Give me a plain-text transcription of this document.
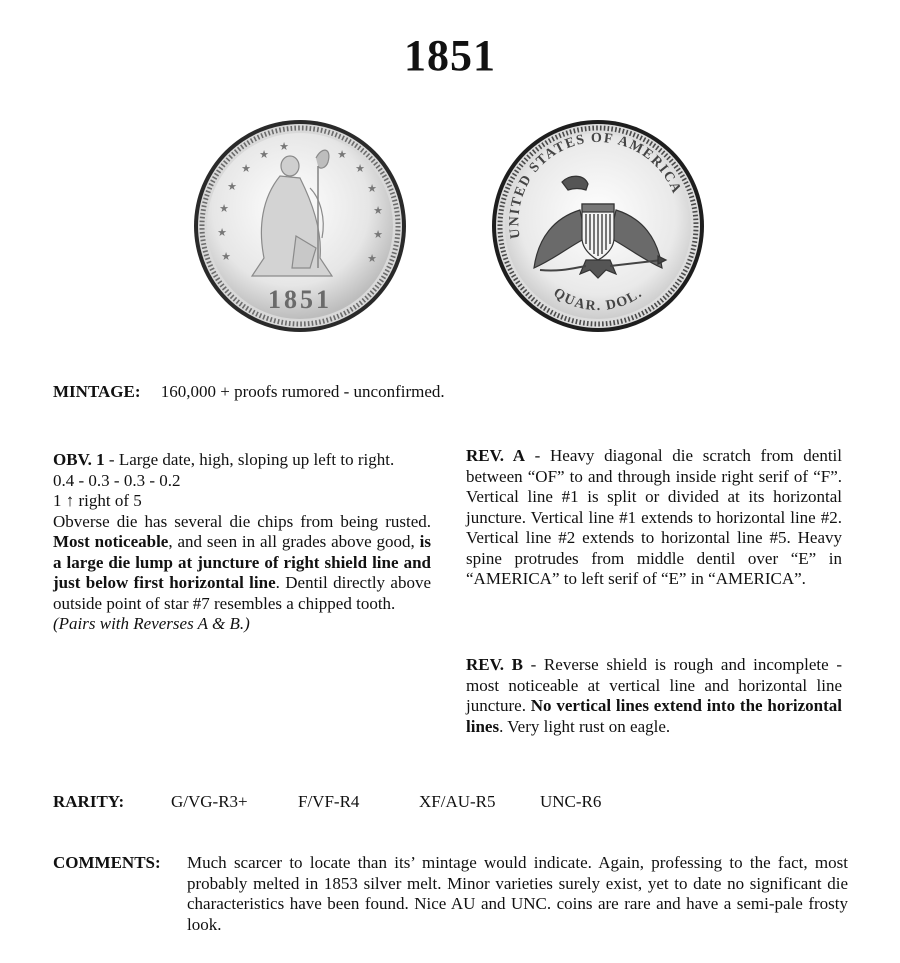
1851
★
★
★
★
★
★
★
★
★
★
★
★
★
1851
UNITED STATES OF AMERICA
QUAR. DOL.
MINTAGE: 160,000 + proofs rumored - unconfirmed.
OBV. 1 - Large date, high, sloping up left to right.
0.4 - 0.3 - 0.3 - 0.2
1 ↑ right of 5
Obverse die has several die chips from being rusted. Most noticeable, and seen in all grades above good, is a large die lump at juncture of right shield line and just below first horizontal line. Dentil directly above outside point of star #7 resembles a chipped tooth.
(Pairs with Reverses A & B.)
REV. A - Heavy diagonal die scratch from dentil between “OF” to and through inside right serif of “F”. Vertical line #1 is split or divided at its horizontal juncture. Vertical line #1 extends to horizontal line #2. Vertical line #2 extends to horizontal line #5. Heavy spine protrudes from middle dentil over “E” in “AMERICA” to left serif of “E” in “AMERICA”.
REV. B - Reverse shield is rough and incomplete - most noticeable at vertical line and horizontal line juncture. No vertical lines extend into the horizontal lines. Very light rust on eagle.
RARITY:	G/VG-R3+	F/VF-R4	XF/AU-R5	UNC-R6
COMMENTS: Much scarcer to locate than its’ mintage would indicate. Again, professing to the fact, most probably melted in 1853 silver melt. Minor varieties surely exist, yet to date no significant die characteristics have been found. Nice AU and UNC. coins are rare and have a semi-pale frosty look.
